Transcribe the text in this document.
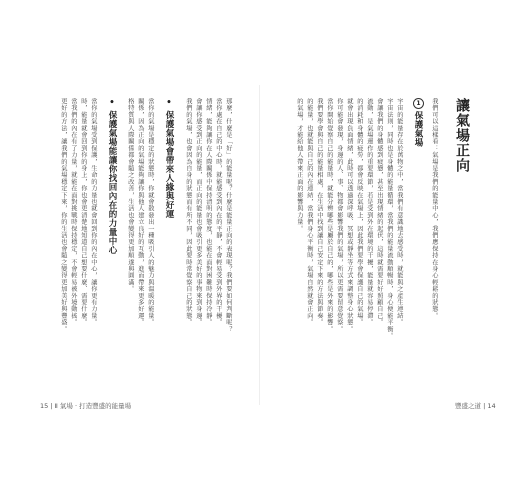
讓氣場正向
我們可以這樣看：氣場是我們的能量中心，我們應保持在身心輕鬆的狀態。
1保護氣場
宇宙的能量存在於萬物之中，當我們有意識地去感受時，就能與之產生連結。
宇宙法則，同時也是身體的能量循環，當我們的能量流動順暢時，身心便能平衡。
會讓我們的身體感到疲憊，甚至出現情緒的起伏，這時就需要好好照顧自己。
流動，是氣場運作的重要環節，若是受到外在環境的干擾，能量就容易停滯。
的消耗和身體的疲勞，都會反映在氣場上，因此我們要學會保護自己的氣場。
就會出現負面情緒，此時可以透過深呼吸、冥想或靜坐等方式來調整身心狀態。
你可能會發現，身邊的人、事、物都會影響我們的氣場，所以更需要留意覺察。
當你開始覺察自己的能量時，就能分辨哪些是屬於自己的，哪些是外來的影響。
我們要學會與自己的能量相處，在生活中找到讓自己安定下來的方法與節奏。
的能量，也就能與自己的內在連結，當我們身心平衡時，氣場自然就會正向。
的氣場，才能給他人帶來正面的影響與力量。
豐盛之道 | 14
那麼，什麼是「好」的能量呢？什麼是能量正向的表現呢？我們要如何判斷呢？
當你處在自己的中心時，就能感受到內在的平靜，不會輕易受到外界的干擾。
情緒，能夠讓你在人際關係中保持清明的態度，也能在面對困難時保持冷靜。
會讓你感受到正向的能量，而正向的能量也會吸引更多美好的事物來到身邊。
我們的氣場，也會因為自身的狀態而有所不同，因此要時常覺察自己的狀態。
•保護氣場會帶來人緣與好運
當你的氣場是穩定的狀態時，你就會散發出一種吸引人的魅力與溫暖的能量。
關係，因為正向的氣場能夠讓你與他人建立良好的互動，進而帶來更多好運。
格特質與人際關係都會隨之改善，生活也會變得更加順遂與圓滿。
•保護氣場能讓你找回內在的力量中心
當你的氣場受到保護，生命的力量也就會回到你的內在中心，讓你更有力量。
時，能量就會回到你的身上，你也會更清楚地知道自己想要什麼、需要什麼。
當我們的內在有了力量，就能在面對挑戰時保持穩定，不會輕易被外境動搖。
更好的方法，讓我們的氣場穩定下來，你的生活也會隨之變得更加美好與豐盛。
15 | Ⅱ 氣場 · 打造豐盛的能量場
